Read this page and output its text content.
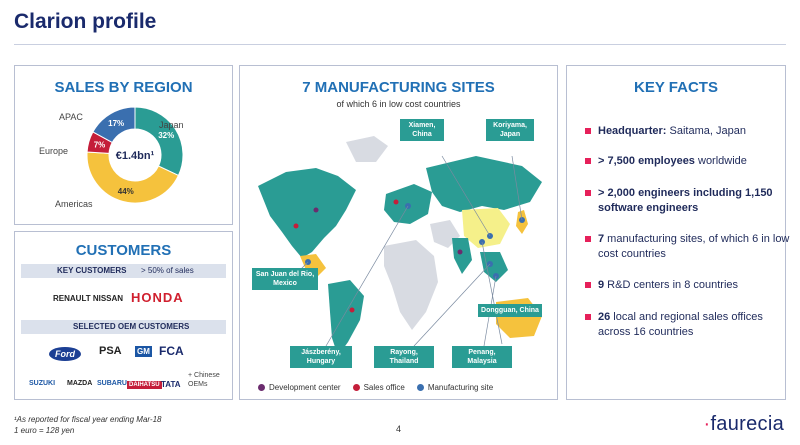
Clarion profile
SALES BY REGION
32%
44%
7%
17%
€1.4bn¹
Japan
APAC
Europe
Americas
CUSTOMERS
KEY CUSTOMERS > 50% of sales
RENAULT NISSAN HONDA
SELECTED OEM CUSTOMERS
Ford	PSA GM FCA
SUZUKI MAZDA SUBARU DAIHATSU TATA
+ Chinese OEMs
7 MANUFACTURING SITES
of which 6 in low cost countries
Xiamen, China
Koriyama, Japan
San Juan del Rio, Mexico
Dongguan, China
Jászberény, Hungary
Rayong, Thailand
Penang, Malaysia
Development center	Sales office	Manufacturing site
KEY FACTS
Headquarter: Saitama, Japan
> 7,500 employees worldwide
> 2,000 engineers including 1,150 software engineers
7 manufacturing sites, of which 6 in low cost countries
9 R&D centers in 8 countries
26 local and regional sales offices across 16 countries
¹As reported for fiscal year ending Mar-18
1 euro = 128 yen	4	·faurecia
